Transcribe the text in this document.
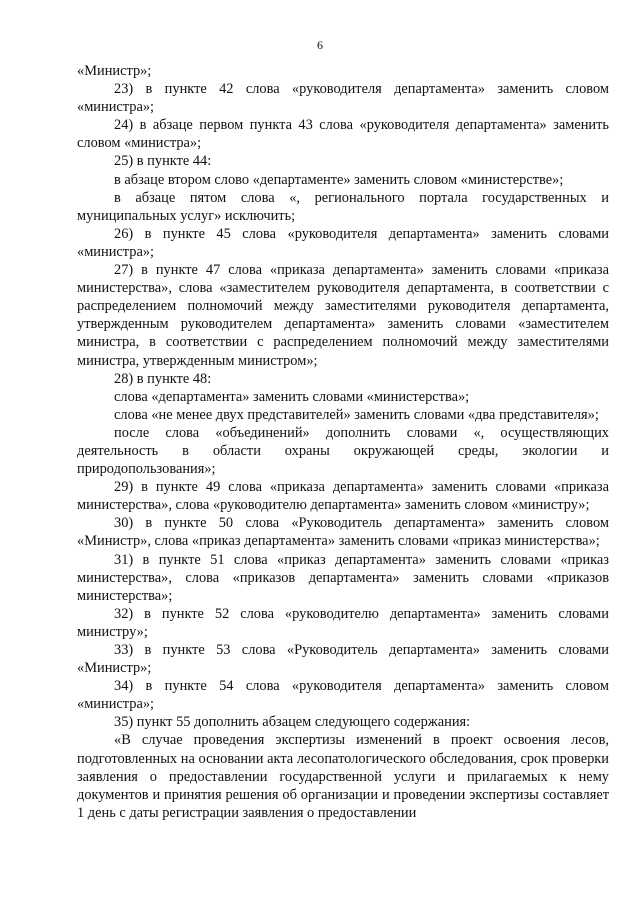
6

«Министр»;

23) в пункте 42 слова «руководителя департамента» заменить словом «министра»;

24) в абзаце первом пункта 43 слова «руководителя департамента» заменить словом «министра»;

25) в пункте 44:

в абзаце втором слово «департаменте» заменить словом «министерстве»;

в абзаце пятом слова «, регионального портала государственных и муниципальных услуг» исключить;

26) в пункте 45 слова «руководителя департамента» заменить словами «министра»;

27) в пункте 47 слова «приказа департамента» заменить словами «приказа министерства», слова «заместителем руководителя департамента, в соответствии с распределением полномочий между заместителями руководителя департамента, утвержденным руководителем департамента» заменить словами «заместителем министра, в соответствии с распределением полномочий между заместителями министра, утвержденным министром»;

28) в пункте 48:

слова «департамента» заменить словами «министерства»;

слова «не менее двух представителей» заменить словами «два представителя»;

после слова «объединений» дополнить словами «, осуществляющих деятельность в области охраны окружающей среды, экологии и природопользования»;

29) в пункте 49 слова «приказа департамента» заменить словами «приказа министерства», слова «руководителю департамента» заменить словом «министру»;

30) в пункте 50 слова «Руководитель департамента» заменить словом «Министр», слова «приказ департамента» заменить словами «приказ министерства»;

31) в пункте 51 слова «приказ департамента» заменить словами «приказ министерства», слова «приказов департамента» заменить словами «приказов министерства»;

32) в пункте 52 слова «руководителю департамента» заменить словами министру»;

33) в пункте 53 слова «Руководитель департамента» заменить словами «Министр»;

34) в пункте 54 слова «руководителя департамента» заменить словом «министра»;

35) пункт 55 дополнить абзацем следующего содержания:

«В случае проведения экспертизы изменений в проект освоения лесов, подготовленных на основании акта лесопатологического обследования, срок проверки заявления о предоставлении государственной услуги и прилагаемых к нему документов и принятия решения об организации и проведении экспертизы составляет 1 день с даты регистрации заявления о предоставлении
